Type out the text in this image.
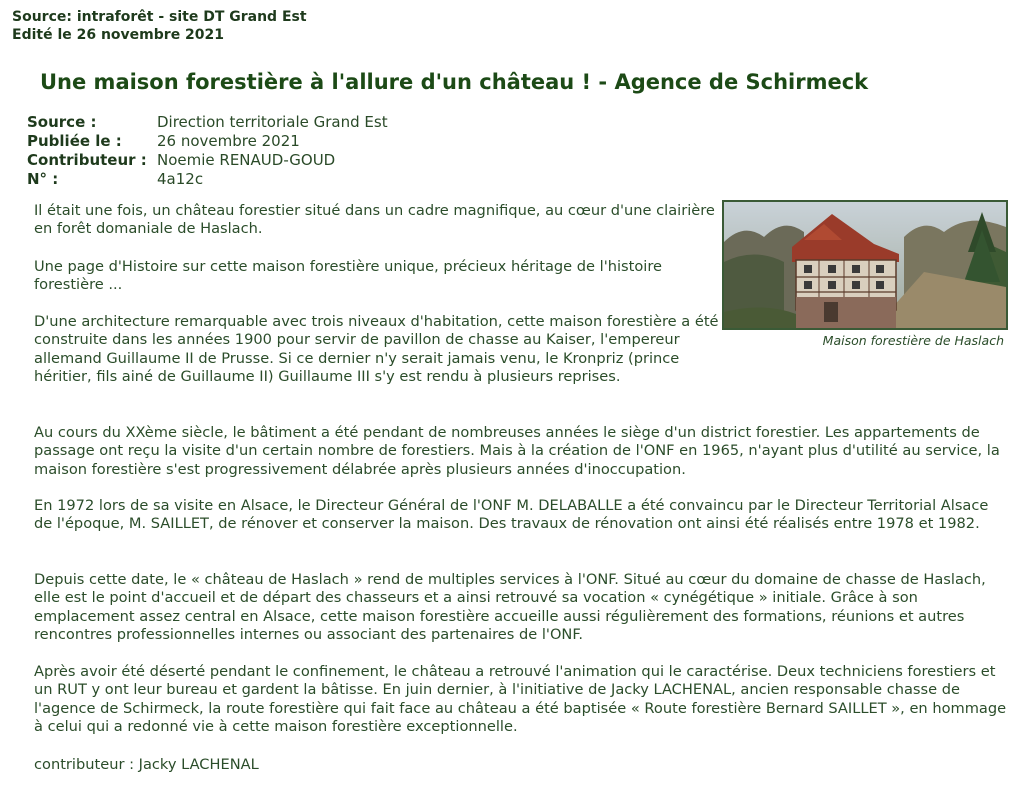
Source: intraforêt - site DT Grand Est
Edité le 26 novembre 2021
Une maison forestière à l'allure d'un château ! - Agence de Schirmeck
Source :	Direction territoriale Grand Est
Publiée le :	26 novembre 2021
Contributeur : Noemie RENAUD-GOUD
N° :	4a12c
Maison forestière de Haslach

Il était une fois, un château forestier situé dans un cadre magnifique, au cœur d'une clairière en forêt domaniale de Haslach.

Une page d'Histoire sur cette maison forestière unique, précieux héritage de l'histoire forestière ...

D'une architecture remarquable avec trois niveaux d'habitation, cette maison forestière a été construite dans les années 1900 pour servir de pavillon de chasse au Kaiser, l'empereur allemand Guillaume II de Prusse. Si ce dernier n'y serait jamais venu, le Kronpriz (prince héritier, fils ainé de Guillaume II) Guillaume III s'y est rendu à plusieurs reprises.

Au cours du XXème siècle, le bâtiment a été pendant de nombreuses années le siège d'un district forestier. Les appartements de passage ont reçu la visite d'un certain nombre de forestiers. Mais à la création de l'ONF en 1965, n'ayant plus d'utilité au service, la maison forestière s'est progressivement délabrée après plusieurs années d'inoccupation.

En 1972 lors de sa visite en Alsace, le Directeur Général de l'ONF M. DELABALLE a été convaincu par le Directeur Territorial Alsace de l'époque, M. SAILLET, de rénover et conserver la maison. Des travaux de rénovation ont ainsi été réalisés entre 1978 et 1982.

Depuis cette date, le « château de Haslach » rend de multiples services à l'ONF. Situé au cœur du domaine de chasse de Haslach, elle est le point d'accueil et de départ des chasseurs et a ainsi retrouvé sa vocation « cynégétique » initiale. Grâce à son emplacement assez central en Alsace, cette maison forestière accueille aussi régulièrement des formations, réunions et autres rencontres professionnelles internes ou associant des partenaires de l'ONF.

Après avoir été déserté pendant le confinement, le château a retrouvé l'animation qui le caractérise. Deux techniciens forestiers et un RUT y ont leur bureau et gardent la bâtisse. En juin dernier, à l'initiative de Jacky LACHENAL, ancien responsable chasse de l'agence de Schirmeck, la route forestière qui fait face au château a été baptisée « Route forestière Bernard SAILLET », en hommage à celui qui a redonné vie à cette maison forestière exceptionnelle.

contributeur : Jacky LACHENAL
